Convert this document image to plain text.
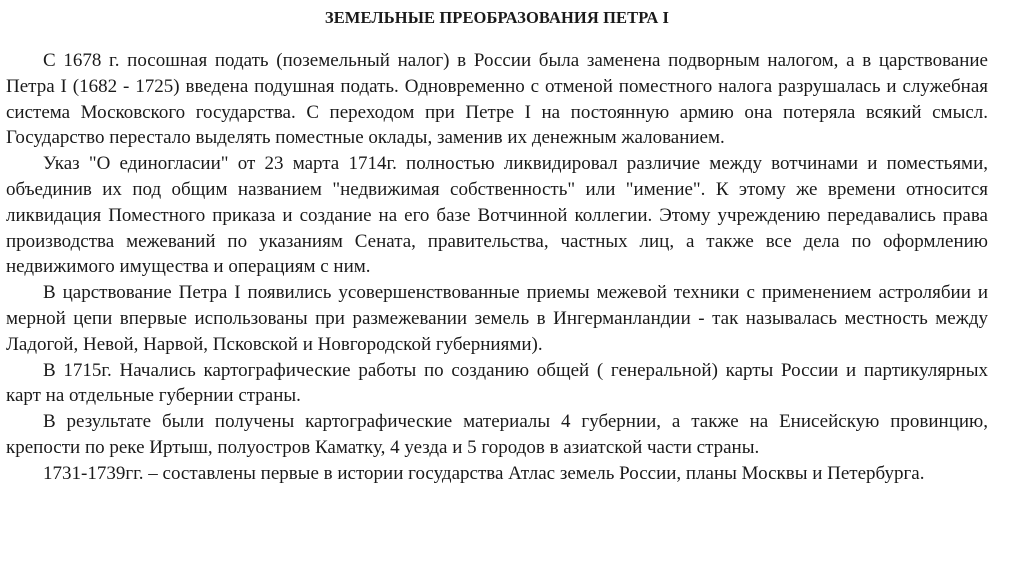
ЗЕМЕЛЬНЫЕ ПРЕОБРАЗОВАНИЯ ПЕТРА I

С 1678 г. посошная подать (поземельный налог) в России была заменена подворным налогом, а в царствование Петра I (1682 - 1725) введена подушная подать. Одновременно с отменой поместного налога разрушалась и служебная система Московского государства. С переходом при Петре I на постоянную армию она потеряла всякий смысл. Государство перестало выделять поместные оклады, заменив их денежным жалованием.

Указ "О единогласии" от 23 марта 1714г. полностью ликвидировал различие между вотчинами и поместьями, объединив их под общим названием "недвижимая собственность" или "имение". К этому же времени относится ликвидация Поместного приказа и создание на его базе Вотчинной коллегии. Этому учреждению передавались права производства межеваний по указаниям Сената, правительства, частных лиц, а также все дела по оформлению недвижимого имущества и операциям с ним.

В царствование Петра I появились усовершенствованные приемы межевой техники с применением астролябии и мерной цепи впервые использованы при размежевании земель в Ингерманландии - так называлась местность между Ладогой, Невой, Нарвой, Псковской и Новгородской губерниями).

В 1715г. Начались картографические работы по созданию общей ( генеральной) карты России и партикулярных карт на отдельные губернии страны.

В результате были получены картографические материалы 4 губернии, а также на Енисейскую провинцию, крепости по реке Иртыш, полуостров Каматку, 4 уезда и 5 городов в азиатской части страны.

1731-1739гг. – составлены первые в истории государства Атлас земель России, планы Москвы и Петербурга.
